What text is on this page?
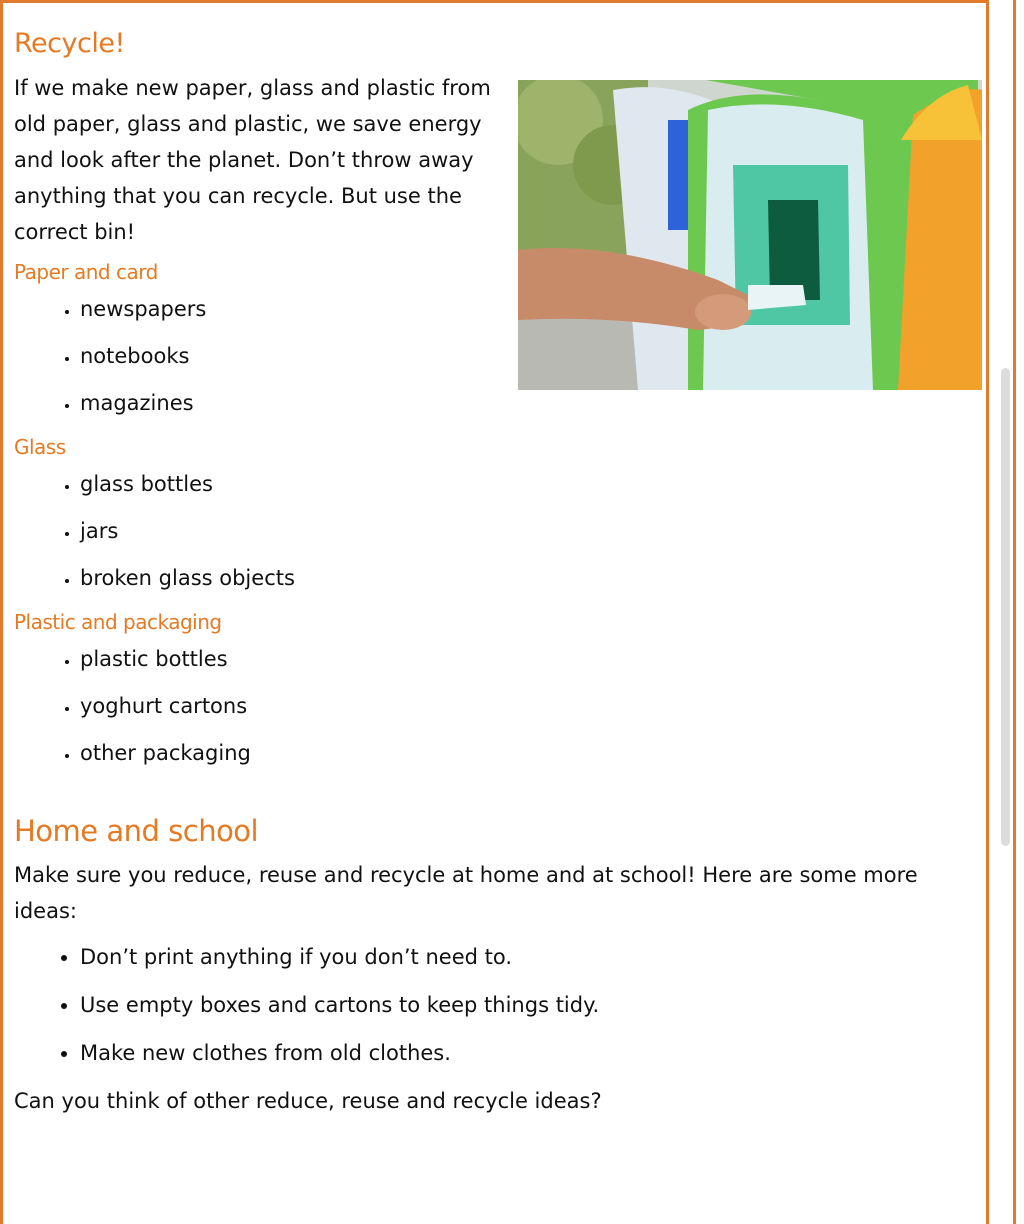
Recycle!

If we make new paper, glass and plastic from old paper, glass and plastic, we save energy and look after the planet. Don’t throw away anything that you can recycle. But use the correct bin!

Paper and card
• newspapers
• notebooks
• magazines
Glass
• glass bottles
• jars
• broken glass objects
Plastic and packaging
• plastic bottles
• yoghurt cartons
• other packaging
Home and school

Make sure you reduce, reuse and recycle at home and at school! Here are some more ideas:

• Don’t print anything if you don’t need to.
• Use empty boxes and cartons to keep things tidy.
• Make new clothes from old clothes.

Can you think of other reduce, reuse and recycle ideas?
